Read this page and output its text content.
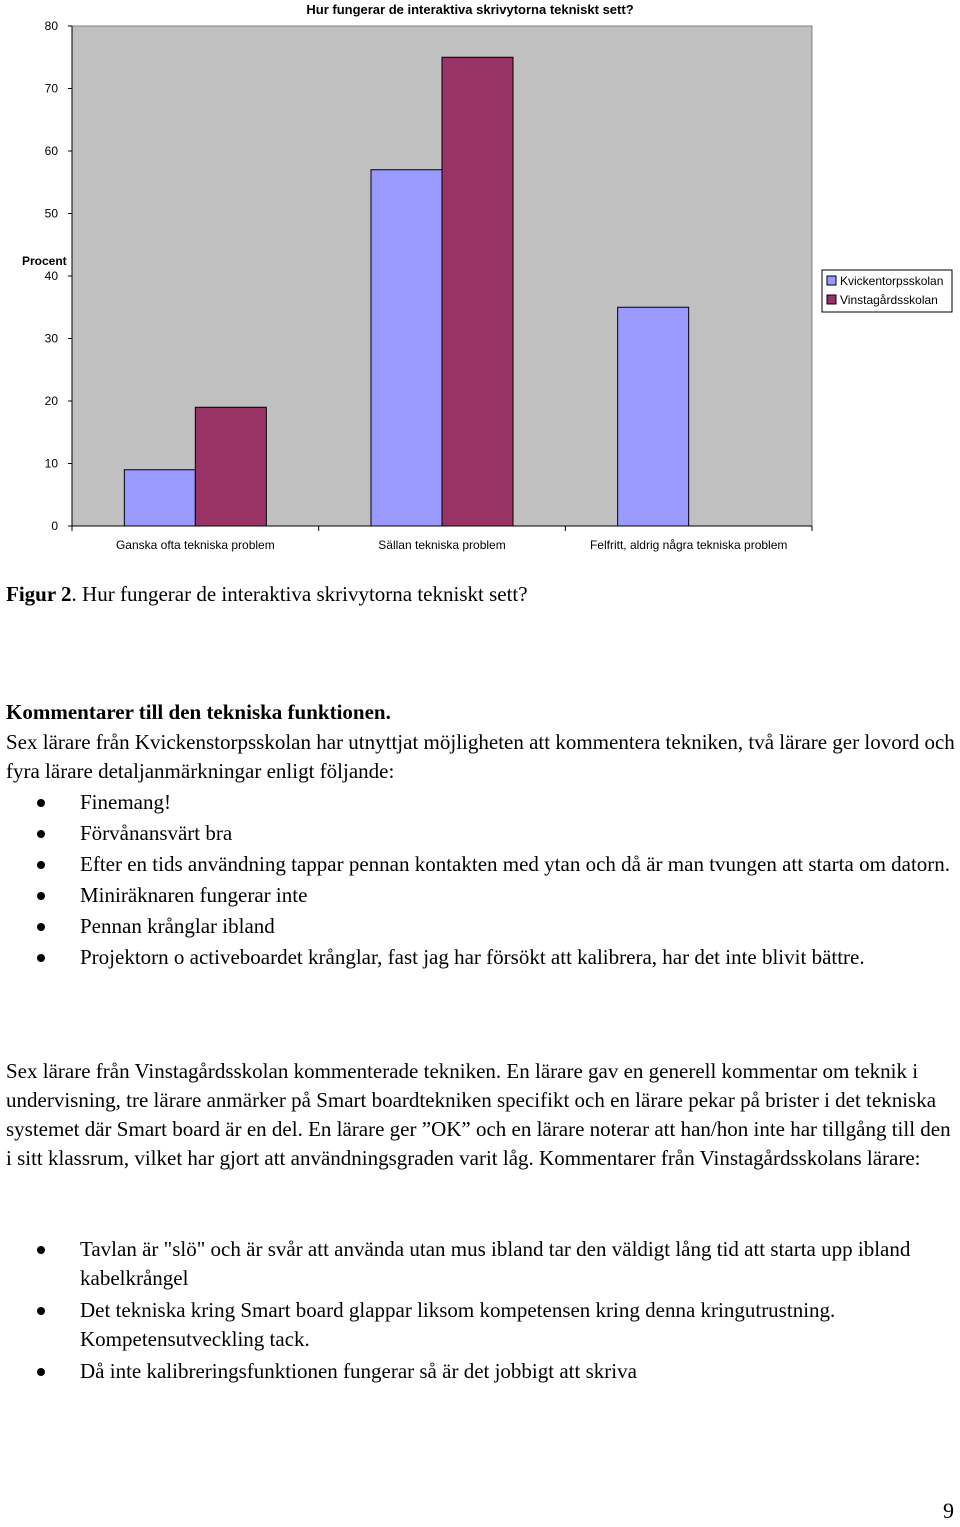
Hur fungerar de interaktiva skrivytorna tekniskt sett?
Procent
0
10
20
30
40
50
60
70
80
Ganska ofta tekniska problem	Sällan tekniska problem	Felfritt, aldrig några tekniska problem
Kvickentorpsskolan
Vinstagårdsskolan
Figur 2. Hur fungerar de interaktiva skrivytorna tekniskt sett?
Kommentarer till den tekniska funktionen.
Sex lärare från Kvickenstorpsskolan har utnyttjat möjligheten att kommentera tekniken, två lärare ger lovord och fyra lärare detaljanmärkningar enligt följande:
Finemang!
Förvånansvärt bra
Efter en tids användning tappar pennan kontakten med ytan och då är man tvungen att starta om datorn.
Miniräknaren fungerar inte
Pennan krånglar ibland
Projektorn o activeboardet krånglar, fast jag har försökt att kalibrera, har det inte blivit bättre.
Sex lärare från Vinstagårdsskolan kommenterade tekniken. En lärare gav en generell kommentar om teknik i undervisning, tre lärare anmärker på Smart boardtekniken specifikt och en lärare pekar på brister i det tekniska systemet där Smart board är en del. En lärare ger ”OK” och en lärare noterar att han/hon inte har tillgång till den i sitt klassrum, vilket har gjort att användningsgraden varit låg. Kommentarer från Vinstagårdsskolans lärare:
Tavlan är "slö" och är svår att använda utan mus ibland tar den väldigt lång tid att starta upp ibland kabelkrångel
Det tekniska kring Smart board glappar liksom kompetensen kring denna kringutrustning. Kompetensutveckling tack.
Då inte kalibreringsfunktionen fungerar så är det jobbigt att skriva
9
